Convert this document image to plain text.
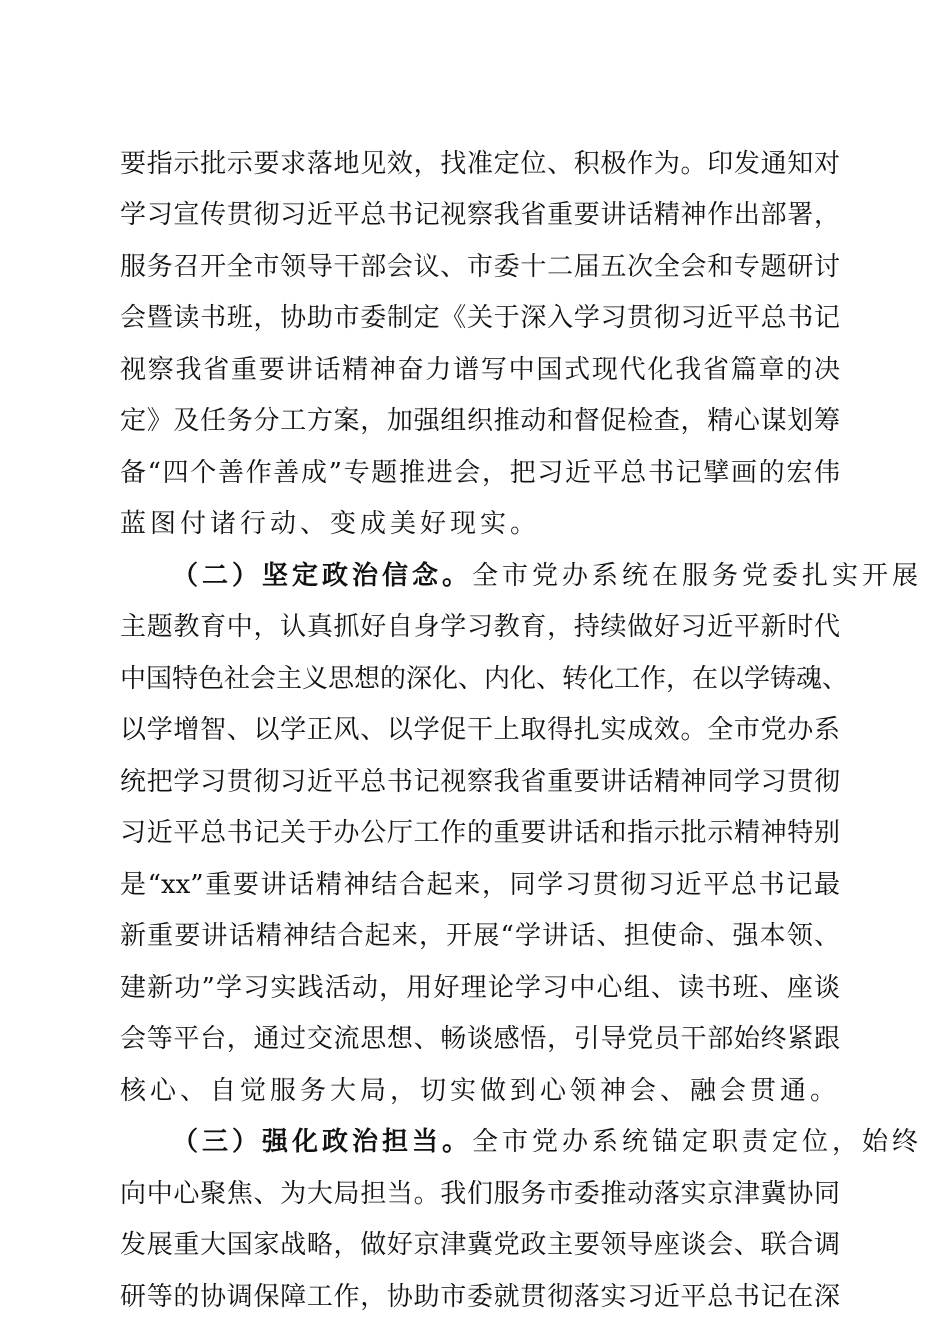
要指示批示要求落地见效，找准定位、积极作为。印发通知对
学习宣传贯彻习近平总书记视察我省重要讲话精神作出部署，
服务召开全市领导干部会议、市委十二届五次全会和专题研讨
会暨读书班，协助市委制定《关于深入学习贯彻习近平总书记
视察我省重要讲话精神奋力谱写中国式现代化我省篇章的决
定》及任务分工方案，加强组织推动和督促检查，精心谋划筹
备“四个善作善成”专题推进会，把习近平总书记擘画的宏伟
蓝图付诸行动、变成美好现实。
（二）坚定政治信念。全市党办系统在服务党委扎实开展
主题教育中，认真抓好自身学习教育，持续做好习近平新时代
中国特色社会主义思想的深化、内化、转化工作，在以学铸魂、
以学增智、以学正风、以学促干上取得扎实成效。全市党办系
统把学习贯彻习近平总书记视察我省重要讲话精神同学习贯彻
习近平总书记关于办公厅工作的重要讲话和指示批示精神特别
是“xx”重要讲话精神结合起来，同学习贯彻习近平总书记最
新重要讲话精神结合起来，开展“学讲话、担使命、强本领、
建新功”学习实践活动，用好理论学习中心组、读书班、座谈
会等平台，通过交流思想、畅谈感悟，引导党员干部始终紧跟
核心、自觉服务大局，切实做到心领神会、融会贯通。
（三）强化政治担当。全市党办系统锚定职责定位，始终
向中心聚焦、为大局担当。我们服务市委推动落实京津冀协同
发展重大国家战略，做好京津冀党政主要领导座谈会、联合调
研等的协调保障工作，协助市委就贯彻落实习近平总书记在深
